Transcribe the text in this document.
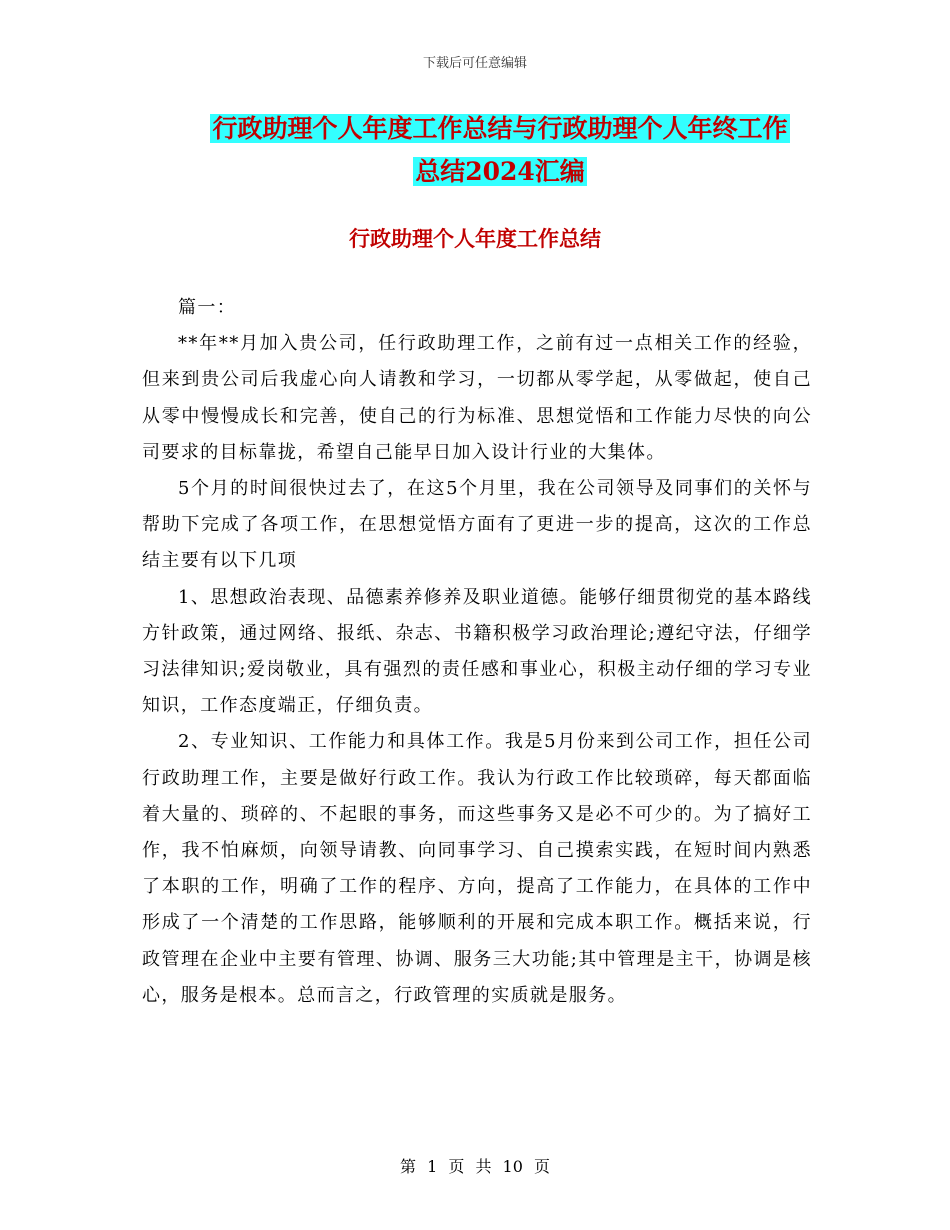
下载后可任意编辑
行政助理个人年度工作总结与行政助理个人年终工作
总结2024汇编
行政助理个人年度工作总结

篇一：

**年**月加入贵公司，任行政助理工作，之前有过一点相关工作的经验，但来到贵公司后我虚心向人请教和学习，一切都从零学起，从零做起，使自己从零中慢慢成长和完善，使自己的行为标准、思想觉悟和工作能力尽快的向公司要求的目标靠拢，希望自己能早日加入设计行业的大集体。

5个月的时间很快过去了，在这5个月里，我在公司领导及同事们的关怀与帮助下完成了各项工作，在思想觉悟方面有了更进一步的提高，这次的工作总结主要有以下几项

1、思想政治表现、品德素养修养及职业道德。能够仔细贯彻党的基本路线方针政策，通过网络、报纸、杂志、书籍积极学习政治理论;遵纪守法，仔细学习法律知识;爱岗敬业，具有强烈的责任感和事业心，积极主动仔细的学习专业知识，工作态度端正，仔细负责。

2、专业知识、工作能力和具体工作。我是5月份来到公司工作，担任公司行政助理工作，主要是做好行政工作。我认为行政工作比较琐碎，每天都面临着大量的、琐碎的、不起眼的事务，而这些事务又是必不可少的。为了搞好工作，我不怕麻烦，向领导请教、向同事学习、自己摸索实践，在短时间内熟悉了本职的工作，明确了工作的程序、方向，提高了工作能力，在具体的工作中形成了一个清楚的工作思路，能够顺利的开展和完成本职工作。概括来说，行政管理在企业中主要有管理、协调、服务三大功能;其中管理是主干，协调是核心，服务是根本。总而言之，行政管理的实质就是服务。

第 1 页 共 10 页
